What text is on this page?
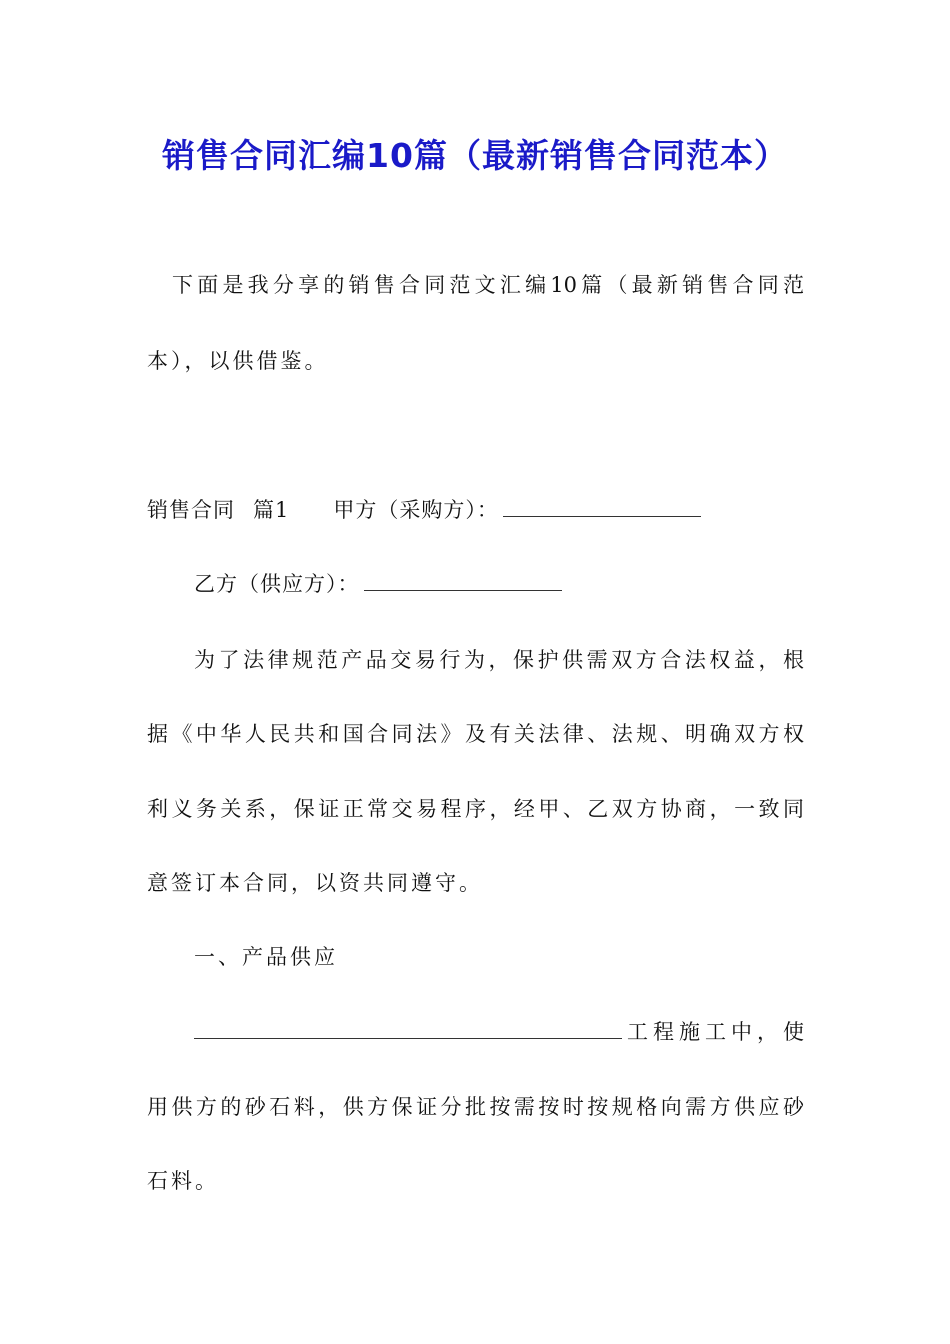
销售合同汇编10篇（最新销售合同范本）
下面是我分享的销售合同范文汇编10篇（最新销售合同范
本），以供借鉴。
销售合同 篇1 甲方（采购方）：
乙方（供应方）：
为了法律规范产品交易行为，保护供需双方合法权益，根
据《中华人民共和国合同法》及有关法律、法规、明确双方权
利义务关系，保证正常交易程序，经甲、乙双方协商，一致同
意签订本合同，以资共同遵守。
一、产品供应
工程施工中，使
用供方的砂石料，供方保证分批按需按时按规格向需方供应砂
石料。
